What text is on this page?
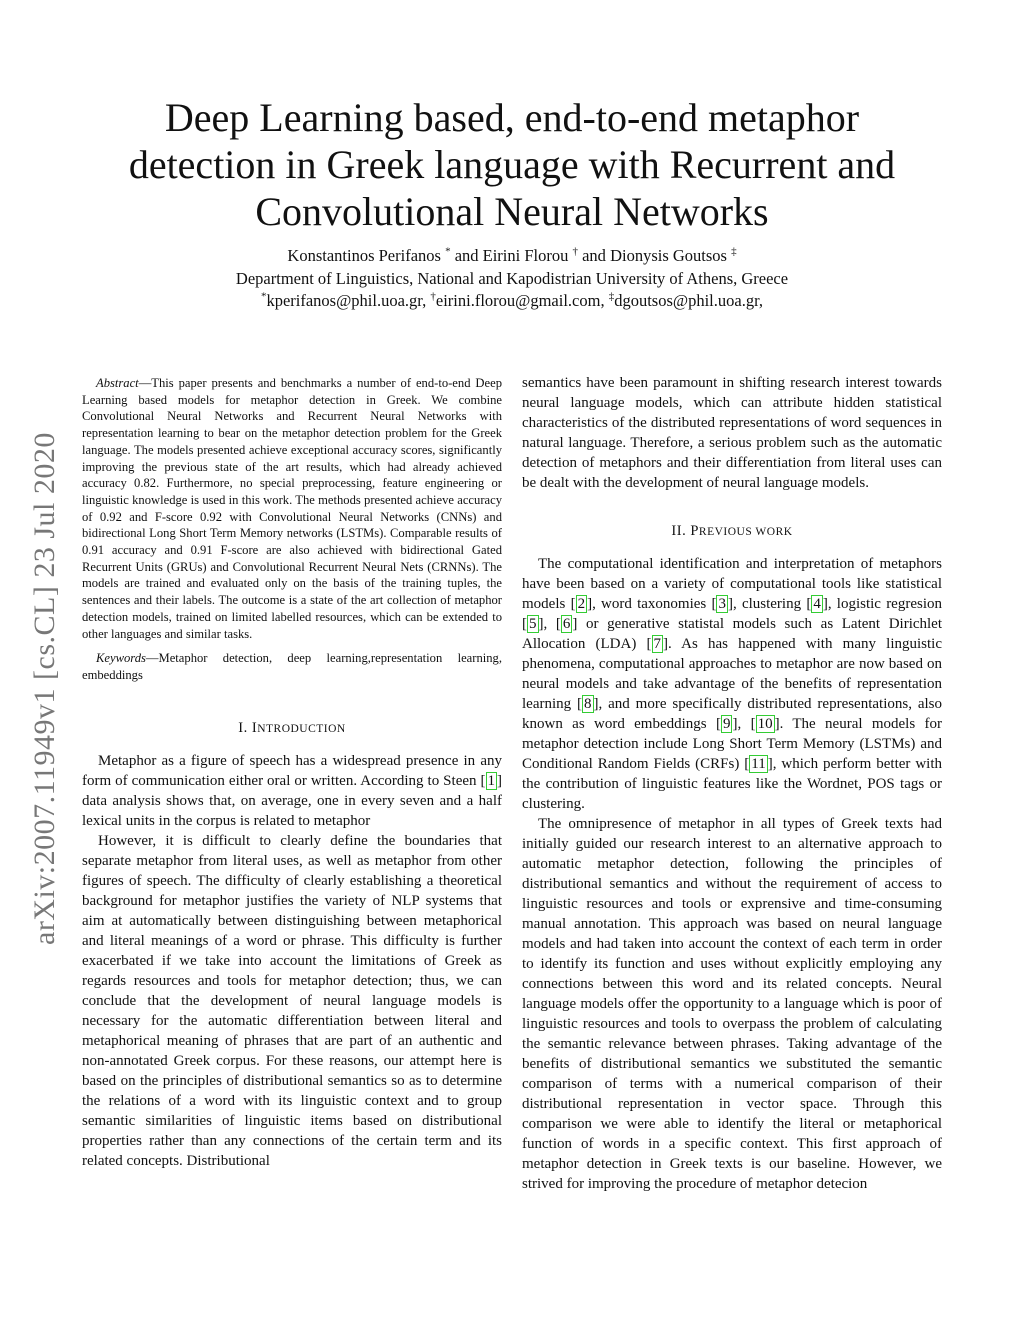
arXiv:2007.11949v1 [cs.CL] 23 Jul 2020
Deep Learning based, end-to-end metaphor
detection in Greek language with Recurrent and
Convolutional Neural Networks
Konstantinos Perifanos * and Eirini Florou † and Dionysis Goutsos ‡
Department of Linguistics, National and Kapodistrian University of Athens, Greece
*kperifanos@phil.uoa.gr, †eirini.florou@gmail.com, ‡dgoutsos@phil.uoa.gr,

Abstract—This paper presents and benchmarks a number of end-to-end Deep Learning based models for metaphor detection in Greek. We combine Convolutional Neural Networks and Recurrent Neural Networks with representation learning to bear on the metaphor detection problem for the Greek language. The models presented achieve exceptional accuracy scores, significantly improving the previous state of the art results, which had already achieved accuracy 0.82. Furthermore, no special preprocessing, feature engineering or linguistic knowledge is used in this work. The methods presented achieve accuracy of 0.92 and F-score 0.92 with Convolutional Neural Networks (CNNs) and bidirectional Long Short Term Memory networks (LSTMs). Comparable results of 0.91 accuracy and 0.91 F-score are also achieved with bidirectional Gated Recurrent Units (GRUs) and Convolutional Recurrent Neural Nets (CRNNs). The models are trained and evaluated only on the basis of the training tuples, the sentences and their labels. The outcome is a state of the art collection of metaphor detection models, trained on limited labelled resources, which can be extended to other languages and similar tasks.

Keywords—Metaphor detection, deep learning,representation learning, embeddings

I. INTRODUCTION

Metaphor as a figure of speech has a widespread presence in any form of communication either oral or written. According to Steen [ 1 ] data analysis shows that, on average, one in every seven and a half lexical units in the corpus is related to metaphor

However, it is difficult to clearly define the boundaries that separate metaphor from literal uses, as well as metaphor from other figures of speech. The difficulty of clearly establishing a theoretical background for metaphor justifies the variety of NLP systems that aim at automatically between distinguishing between metaphorical and literal meanings of a word or phrase. This difficulty is further exacerbated if we take into account the limitations of Greek as regards resources and tools for metaphor detection; thus, we can conclude that the development of neural language models is necessary for the automatic differentiation between literal and metaphorical meaning of phrases that are part of an authentic and non-annotated Greek corpus. For these reasons, our attempt here is based on the principles of distributional semantics so as to determine the relations of a word with its linguistic context and to group semantic similarities of linguistic items based on distributional properties rather than any connections of the certain term and its related concepts. Distributional

semantics have been paramount in shifting research interest towards neural language models, which can attribute hidden statistical characteristics of the distributed representations of word sequences in natural language. Therefore, a serious problem such as the automatic detection of metaphors and their differentiation from literal uses can be dealt with the development of neural language models.

II. PREVIOUS WORK

The computational identification and interpretation of metaphors have been based on a variety of computational tools like statistical models [ 2 ], word taxonomies [ 3 ], clustering [ 4 ], logistic regresion [ 5 ], [ 6 ] or generative statistal models such as Latent Dirichlet Allocation (LDA) [ 7 ]. As has happened with many linguistic phenomena, computational approaches to metaphor are now based on neural models and take advantage of the benefits of representation learning [ 8 ], and more specifically distributed representations, also known as word embeddings [ 9 ], [ 10 ]. The neural models for metaphor detection include Long Short Term Memory (LSTMs) and Conditional Random Fields (CRFs) [ 11 ], which perform better with the contribution of linguistic features like the Wordnet, POS tags or clustering.

The omnipresence of metaphor in all types of Greek texts had initially guided our research interest to an alternative approach to automatic metaphor detection, following the principles of distributional semantics and without the requirement of access to linguistic resources and tools or exprensive and time-consuming manual annotation. This approach was based on neural language models and had taken into account the context of each term in order to identify its function and uses without explicitly employing any connections between this word and its related concepts. Neural language models offer the opportunity to a language which is poor of linguistic resources and tools to overpass the problem of calculating the semantic relevance between phrases. Taking advantage of the benefits of distributional semantics we substituted the semantic comparison of terms with a numerical comparison of their distributional representation in vector space. Through this comparison we were able to identify the literal or metaphorical function of words in a specific context. This first approach of metaphor detection in Greek texts is our baseline. However, we strived for improving the procedure of metaphor detecion
